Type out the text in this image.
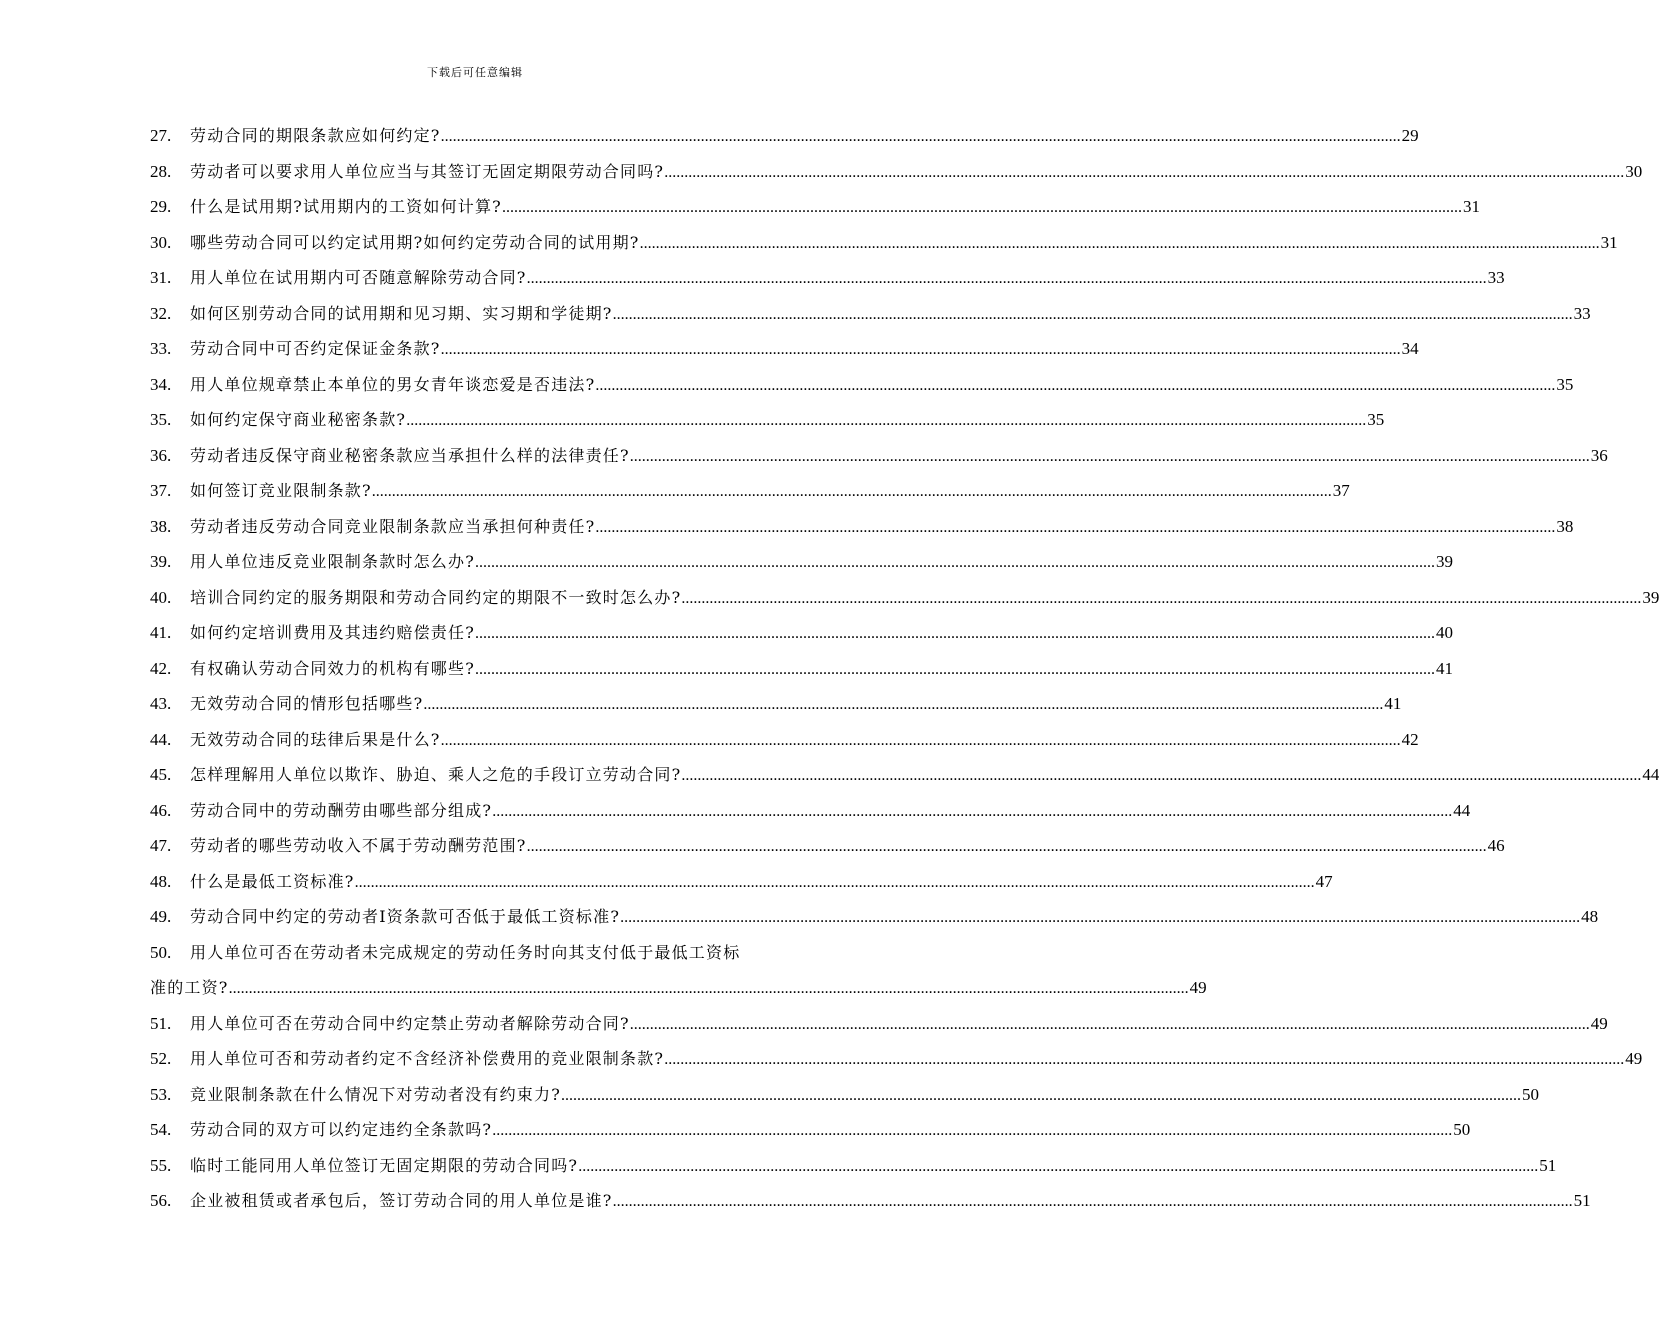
下载后可任意编辑
27.	劳动合同的期限条款应如何约定? .....	29
28.	劳动者可以要求用人单位应当与其签订无固定期限劳动合同吗? .....	30
29.	什么是试用期?试用期内的工资如何计算? .....	31
30.	哪些劳动合同可以约定试用期?如何约定劳动合同的试用期? .....	31
31.	用人单位在试用期内可否随意解除劳动合同? .....	33
32.	如何区别劳动合同的试用期和见习期、实习期和学徒期? .....	33
33.	劳动合同中可否约定保证金条款? .....	34
34.	用人单位规章禁止本单位的男女青年谈恋爱是否违法? .....	35
35.	如何约定保守商业秘密条款? .....	35
36.	劳动者违反保守商业秘密条款应当承担什么样的法律责任? .....	36
37.	如何签订竞业限制条款? .....	37
38.	劳动者违反劳动合同竞业限制条款应当承担何种责任? .....	38
39.	用人单位违反竞业限制条款时怎么办? .....	39
40.	培训合同约定的服务期限和劳动合同约定的期限不一致时怎么办? .....	39
41.	如何约定培训费用及其违约赔偿责任? .....	40
42.	有权确认劳动合同效力的机构有哪些? .....	41
43.	无效劳动合同的情形包括哪些? .....	41
44.	无效劳动合同的珐律后果是什么? .....	42
45.	怎样理解用人单位以欺诈、胁迫、乘人之危的手段订立劳动合同? .....	44
46.	劳动合同中的劳动酬劳由哪些部分组成? .....	44
47.	劳动者的哪些劳动收入不属于劳动酬劳范围? .....	46
48.	什么是最低工资标准? .....	47
49.	劳动合同中约定的劳动者I资条款可否低于最低工资标准? .....	48
50.	用人单位可否在劳动者未完成规定的劳动任务时向其支付低于最低工资标
准的工资? .....	49
51.	用人单位可否在劳动合同中约定禁止劳动者解除劳动合同? .....	49
52.	用人单位可否和劳动者约定不含经济补偿费用的竞业限制条款? .....	49
53.	竞业限制条款在什么情况下对劳动者没有约束力? .....	50
54.	劳动合同的双方可以约定违约全条款吗? .....	50
55.	临时工能同用人单位签订无固定期限的劳动合同吗? .....	51
56.	企业被租赁或者承包后，签订劳动合同的用人单位是谁? .....	51
